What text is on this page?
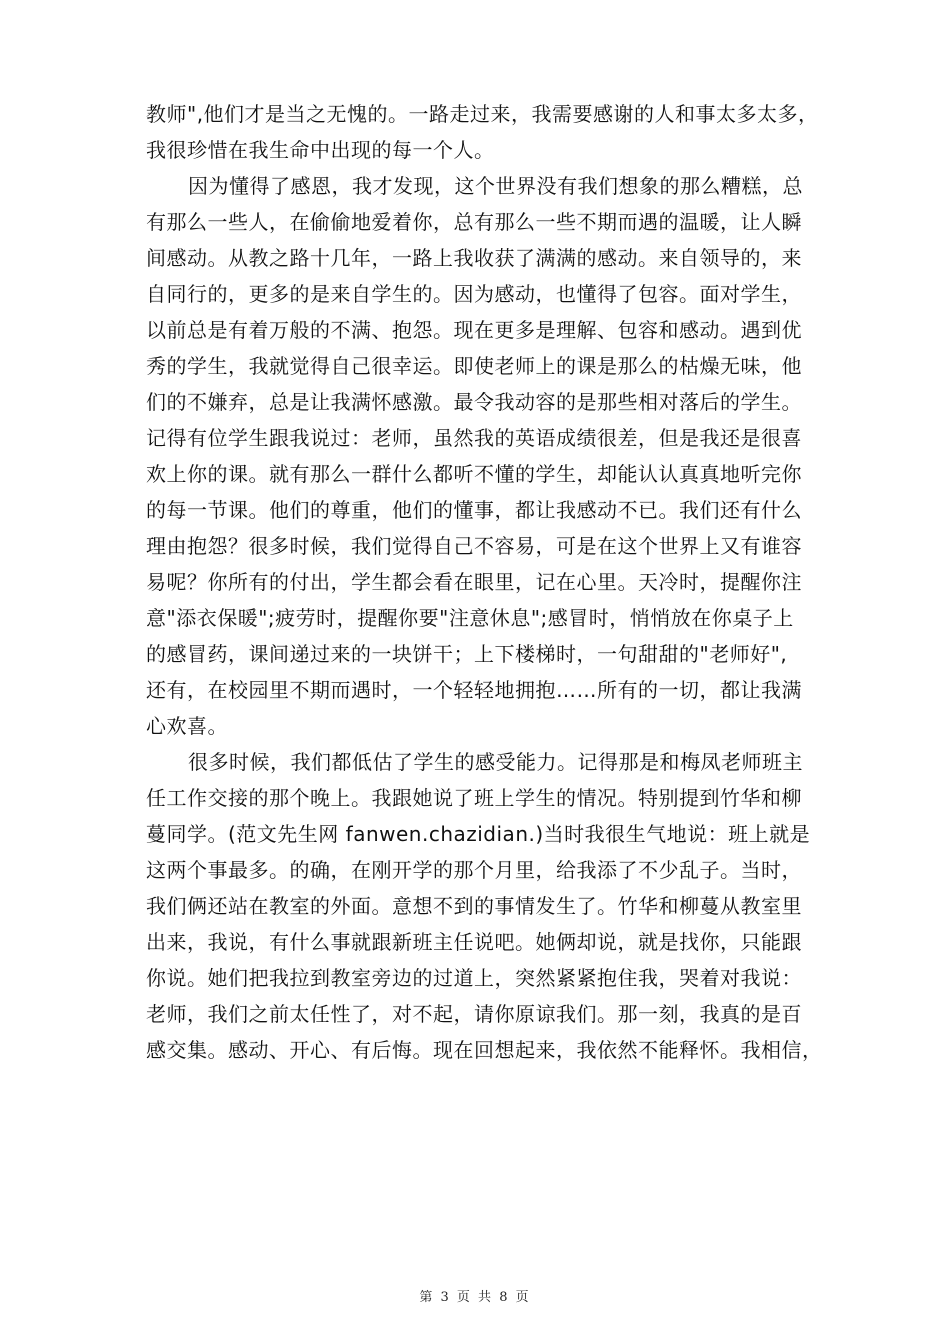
教师",他们才是当之无愧的。一路走过来，我需要感谢的人和事太多太多，
我很珍惜在我生命中出现的每一个人。
因为懂得了感恩，我才发现，这个世界没有我们想象的那么糟糕，总
有那么一些人，在偷偷地爱着你，总有那么一些不期而遇的温暖，让人瞬
间感动。从教之路十几年，一路上我收获了满满的感动。来自领导的，来
自同行的，更多的是来自学生的。因为感动，也懂得了包容。面对学生，
以前总是有着万般的不满、抱怨。现在更多是理解、包容和感动。遇到优
秀的学生，我就觉得自己很幸运。即使老师上的课是那么的枯燥无味，他
们的不嫌弃，总是让我满怀感激。最令我动容的是那些相对落后的学生。
记得有位学生跟我说过：老师，虽然我的英语成绩很差，但是我还是很喜
欢上你的课。就有那么一群什么都听不懂的学生，却能认认真真地听完你
的每一节课。他们的尊重，他们的懂事，都让我感动不已。我们还有什么
理由抱怨？很多时候，我们觉得自己不容易，可是在这个世界上又有谁容
易呢？你所有的付出，学生都会看在眼里，记在心里。天冷时，提醒你注
意"添衣保暖";疲劳时，提醒你要"注意休息";感冒时，悄悄放在你桌子上
的感冒药，课间递过来的一块饼干；上下楼梯时，一句甜甜的"老师好",
还有，在校园里不期而遇时，一个轻轻地拥抱……所有的一切，都让我满
心欢喜。
很多时候，我们都低估了学生的感受能力。记得那是和梅凤老师班主
任工作交接的那个晚上。我跟她说了班上学生的情况。特别提到竹华和柳
蔓同学。(范文先生网 fanwen.chazidian.)当时我很生气地说：班上就是
这两个事最多。的确，在刚开学的那个月里，给我添了不少乱子。当时，
我们俩还站在教室的外面。意想不到的事情发生了。竹华和柳蔓从教室里
出来，我说，有什么事就跟新班主任说吧。她俩却说，就是找你，只能跟
你说。她们把我拉到教室旁边的过道上，突然紧紧抱住我，哭着对我说：
老师，我们之前太任性了，对不起，请你原谅我们。那一刻，我真的是百
感交集。感动、开心、有后悔。现在回想起来，我依然不能释怀。我相信，
第 3 页 共 8 页
